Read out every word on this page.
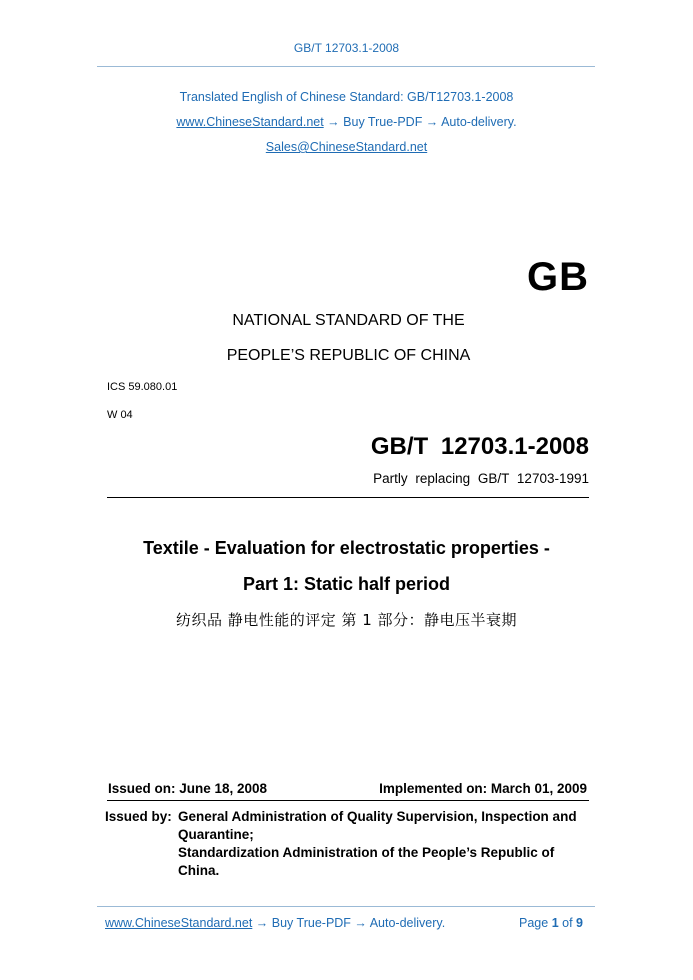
GB/T 12703.1-2008
Translated English of Chinese Standard: GB/T12703.1-2008
www.ChineseStandard.net → Buy True-PDF → Auto-delivery.
Sales@ChineseStandard.net
GB
NATIONAL STANDARD OF THE
PEOPLE’S REPUBLIC OF CHINA
ICS 59.080.01
W 04
GB/T 12703.1-2008
Partly replacing GB/T 12703-1991
Textile - Evaluation for electrostatic properties -
Part 1: Static half period
纺织品 静电性能的评定 第 1 部分：静电压半衰期
Issued on: June 18, 2008	Implemented on: March 01, 2009
Issued by: General Administration of Quality Supervision, Inspection and
Quarantine;
Standardization Administration of the People’s Republic of
China.
www.ChineseStandard.net → Buy True-PDF → Auto-delivery.	Page 1 of 9
